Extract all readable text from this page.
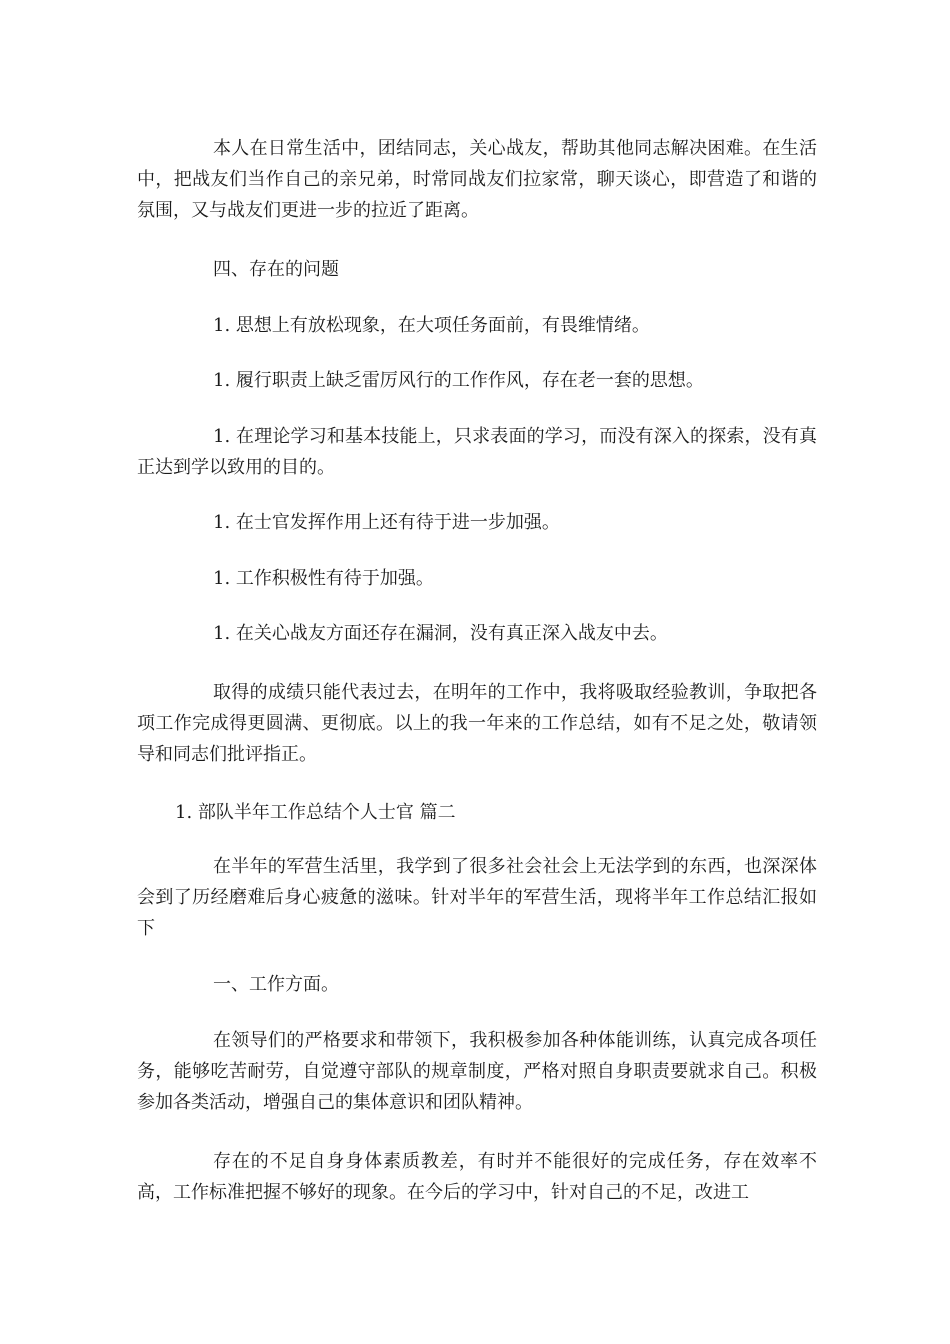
本人在日常生活中，团结同志，关心战友，帮助其他同志解决困难。在生活中，把战友们当作自己的亲兄弟，时常同战友们拉家常，聊天谈心，即营造了和谐的氛围，又与战友们更进一步的拉近了距离。

四、存在的问题

1. 思想上有放松现象，在大项任务面前，有畏维情绪。

1. 履行职责上缺乏雷厉风行的工作作风，存在老一套的思想。

1. 在理论学习和基本技能上，只求表面的学习，而没有深入的探索，没有真正达到学以致用的目的。

1. 在士官发挥作用上还有待于进一步加强。

1. 工作积极性有待于加强。

1. 在关心战友方面还存在漏洞，没有真正深入战友中去。

取得的成绩只能代表过去，在明年的工作中，我将吸取经验教训，争取把各项工作完成得更圆满、更彻底。以上的我一年来的工作总结，如有不足之处，敬请领导和同志们批评指正。

1. 部队半年工作总结个人士官 篇二

在半年的军营生活里，我学到了很多社会社会上无法学到的东西，也深深体会到了历经磨难后身心疲惫的滋味。针对半年的军营生活，现将半年工作总结汇报如下

一、工作方面。

在领导们的严格要求和带领下，我积极参加各种体能训练，认真完成各项任务，能够吃苦耐劳，自觉遵守部队的规章制度，严格对照自身职责要就求自己。积极参加各类活动，增强自己的集体意识和团队精神。

存在的不足自身身体素质教差，有时并不能很好的完成任务，存在效率不高，工作标准把握不够好的现象。在今后的学习中，针对自己的不足，改进工
